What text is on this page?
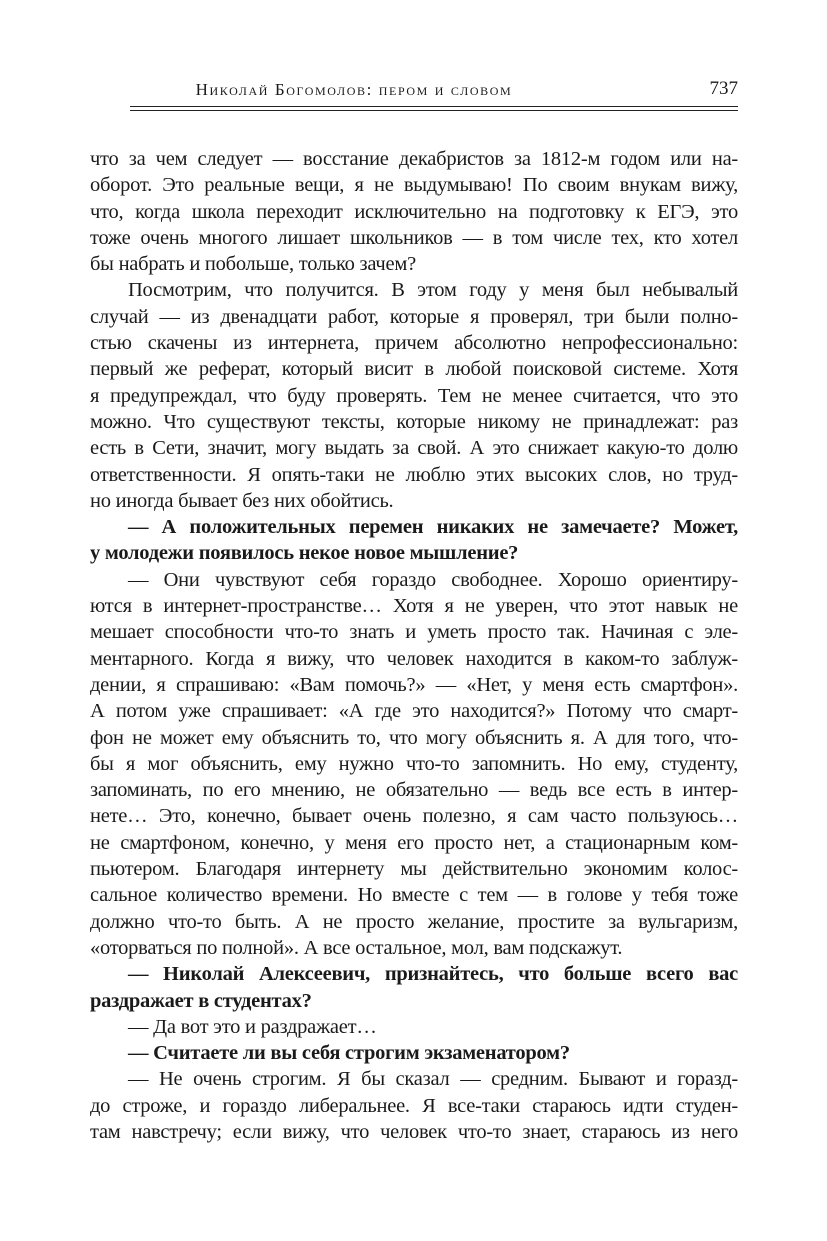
Николай Богомолов: пером и словом	737
что за чем следует — восстание декабристов за 1812-м годом или на-
оборот. Это реальные вещи, я не выдумываю! По своим внукам вижу,
что, когда школа переходит исключительно на подготовку к ЕГЭ, это
тоже очень многого лишает школьников — в том числе тех, кто хотел
бы набрать и побольше, только зачем?
Посмотрим, что получится. В этом году у меня был небывалый
случай — из двенадцати работ, которые я проверял, три были полно-
стью скачены из интернета, причем абсолютно непрофессионально:
первый же реферат, который висит в любой поисковой системе. Хотя
я предупреждал, что буду проверять. Тем не менее считается, что это
можно. Что существуют тексты, которые никому не принадлежат: раз
есть в Сети, значит, могу выдать за свой. А это снижает какую-то долю
ответственности. Я опять-таки не люблю этих высоких слов, но труд-
но иногда бывает без них обойтись.
— А положительных перемен никаких не замечаете? Может,
у молодежи появилось некое новое мышление?
— Они чувствуют себя гораздо свободнее. Хорошо ориентиру-
ются в интернет-пространстве… Хотя я не уверен, что этот навык не
мешает способности что-то знать и уметь просто так. Начиная с эле-
ментарного. Когда я вижу, что человек находится в каком-то заблуж-
дении, я спрашиваю: «Вам помочь?» — «Нет, у меня есть смартфон».
А потом уже спрашивает: «А где это находится?» Потому что смарт-
фон не может ему объяснить то, что могу объяснить я. А для того, что-
бы я мог объяснить, ему нужно что-то запомнить. Но ему, студенту,
запоминать, по его мнению, не обязательно — ведь все есть в интер-
нете… Это, конечно, бывает очень полезно, я сам часто пользуюсь…
не смартфоном, конечно, у меня его просто нет, а стационарным ком-
пьютером. Благодаря интернету мы действительно экономим колос-
сальное количество времени. Но вместе с тем — в голове у тебя тоже
должно что-то быть. А не просто желание, простите за вульгаризм,
«оторваться по полной». А все остальное, мол, вам подскажут.
— Николай Алексеевич, признайтесь, что больше всего вас
раздражает в студентах?
— Да вот это и раздражает…
— Считаете ли вы себя строгим экзаменатором?
— Не очень строгим. Я бы сказал — средним. Бывают и горазд-
до строже, и гораздо либеральнее. Я все-таки стараюсь идти студен-
там навстречу; если вижу, что человек что-то знает, стараюсь из него
